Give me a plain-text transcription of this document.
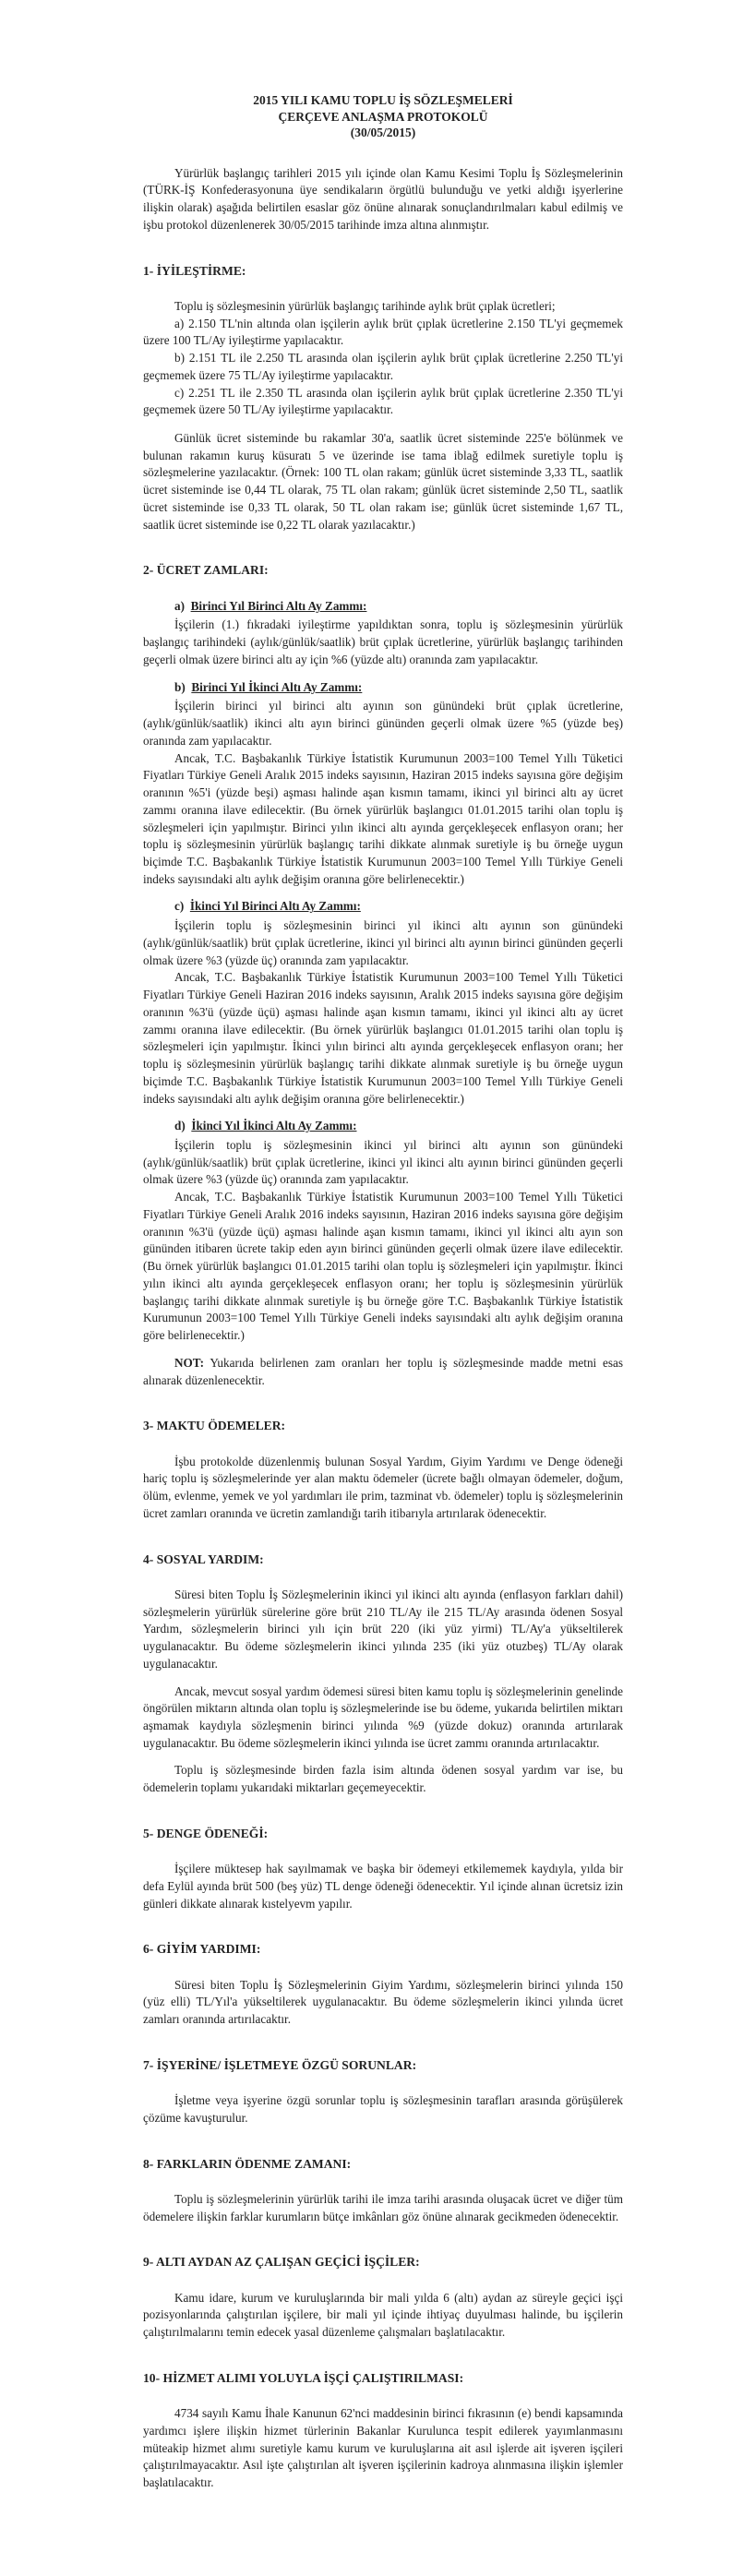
2015 YILI KAMU TOPLU İŞ SÖZLEŞMELERİ
ÇERÇEVE ANLAŞMA PROTOKOLÜ
(30/05/2015)

Yürürlük başlangıç tarihleri 2015 yılı içinde olan Kamu Kesimi Toplu İş Sözleşmelerinin (TÜRK-İŞ Konfederasyonuna üye sendikaların örgütlü bulunduğu ve yetki aldığı işyerlerine ilişkin olarak) aşağıda belirtilen esaslar göz önüne alınarak sonuçlandırılmaları kabul edilmiş ve işbu protokol düzenlenerek 30/05/2015 tarihinde imza altına alınmıştır.

1- İYİLEŞTİRME:

Toplu iş sözleşmesinin yürürlük başlangıç tarihinde aylık brüt çıplak ücretleri;

a) 2.150 TL'nin altında olan işçilerin aylık brüt çıplak ücretlerine 2.150 TL'yi geçmemek üzere 100 TL/Ay iyileştirme yapılacaktır.

b) 2.151 TL ile 2.250 TL arasında olan işçilerin aylık brüt çıplak ücretlerine 2.250 TL'yi geçmemek üzere 75 TL/Ay iyileştirme yapılacaktır.

c) 2.251 TL ile 2.350 TL arasında olan işçilerin aylık brüt çıplak ücretlerine 2.350 TL'yi geçmemek üzere 50 TL/Ay iyileştirme yapılacaktır.

Günlük ücret sisteminde bu rakamlar 30'a, saatlik ücret sisteminde 225'e bölünmek ve bulunan rakamın kuruş küsuratı 5 ve üzerinde ise tama iblağ edilmek suretiyle toplu iş sözleşmelerine yazılacaktır. (Örnek: 100 TL olan rakam; günlük ücret sisteminde 3,33 TL, saatlik ücret sisteminde ise 0,44 TL olarak, 75 TL olan rakam; günlük ücret sisteminde 2,50 TL, saatlik ücret sisteminde ise 0,33 TL olarak, 50 TL olan rakam ise; günlük ücret sisteminde 1,67 TL, saatlik ücret sisteminde ise 0,22 TL olarak yazılacaktır.)

2- ÜCRET ZAMLARI:
a) Birinci Yıl Birinci Altı Ay Zammı:

İşçilerin (1.) fıkradaki iyileştirme yapıldıktan sonra, toplu iş sözleşmesinin yürürlük başlangıç tarihindeki (aylık/günlük/saatlik) brüt çıplak ücretlerine, yürürlük başlangıç tarihinden geçerli olmak üzere birinci altı ay için %6 (yüzde altı) oranında zam yapılacaktır.

b) Birinci Yıl İkinci Altı Ay Zammı:

İşçilerin birinci yıl birinci altı ayının son günündeki brüt çıplak ücretlerine, (aylık/günlük/saatlik) ikinci altı ayın birinci gününden geçerli olmak üzere %5 (yüzde beş) oranında zam yapılacaktır.

Ancak, T.C. Başbakanlık Türkiye İstatistik Kurumunun 2003=100 Temel Yıllı Tüketici Fiyatları Türkiye Geneli Aralık 2015 indeks sayısının, Haziran 2015 indeks sayısına göre değişim oranının %5'i (yüzde beşi) aşması halinde aşan kısmın tamamı, ikinci yıl birinci altı ay ücret zammı oranına ilave edilecektir. (Bu örnek yürürlük başlangıcı 01.01.2015 tarihi olan toplu iş sözleşmeleri için yapılmıştır. Birinci yılın ikinci altı ayında gerçekleşecek enflasyon oranı; her toplu iş sözleşmesinin yürürlük başlangıç tarihi dikkate alınmak suretiyle iş bu örneğe uygun biçimde T.C. Başbakanlık Türkiye İstatistik Kurumunun 2003=100 Temel Yıllı Türkiye Geneli indeks sayısındaki altı aylık değişim oranına göre belirlenecektir.)

c) İkinci Yıl Birinci Altı Ay Zammı:

İşçilerin toplu iş sözleşmesinin birinci yıl ikinci altı ayının son günündeki (aylık/günlük/saatlik) brüt çıplak ücretlerine, ikinci yıl birinci altı ayının birinci gününden geçerli olmak üzere %3 (yüzde üç) oranında zam yapılacaktır.

Ancak, T.C. Başbakanlık Türkiye İstatistik Kurumunun 2003=100 Temel Yıllı Tüketici Fiyatları Türkiye Geneli Haziran 2016 indeks sayısının, Aralık 2015 indeks sayısına göre değişim oranının %3'ü (yüzde üçü) aşması halinde aşan kısmın tamamı, ikinci yıl ikinci altı ay ücret zammı oranına ilave edilecektir. (Bu örnek yürürlük başlangıcı 01.01.2015 tarihi olan toplu iş sözleşmeleri için yapılmıştır. İkinci yılın birinci altı ayında gerçekleşecek enflasyon oranı; her toplu iş sözleşmesinin yürürlük başlangıç tarihi dikkate alınmak suretiyle iş bu örneğe uygun biçimde T.C. Başbakanlık Türkiye İstatistik Kurumunun 2003=100 Temel Yıllı Türkiye Geneli indeks sayısındaki altı aylık değişim oranına göre belirlenecektir.)

d) İkinci Yıl İkinci Altı Ay Zammı:

İşçilerin toplu iş sözleşmesinin ikinci yıl birinci altı ayının son günündeki (aylık/günlük/saatlik) brüt çıplak ücretlerine, ikinci yıl ikinci altı ayının birinci gününden geçerli olmak üzere %3 (yüzde üç) oranında zam yapılacaktır.

Ancak, T.C. Başbakanlık Türkiye İstatistik Kurumunun 2003=100 Temel Yıllı Tüketici Fiyatları Türkiye Geneli Aralık 2016 indeks sayısının, Haziran 2016 indeks sayısına göre değişim oranının %3'ü (yüzde üçü) aşması halinde aşan kısmın tamamı, ikinci yıl ikinci altı ayın son gününden itibaren ücrete takip eden ayın birinci gününden geçerli olmak üzere ilave edilecektir. (Bu örnek yürürlük başlangıcı 01.01.2015 tarihi olan toplu iş sözleşmeleri için yapılmıştır. İkinci yılın ikinci altı ayında gerçekleşecek enflasyon oranı; her toplu iş sözleşmesinin yürürlük başlangıç tarihi dikkate alınmak suretiyle iş bu örneğe göre T.C. Başbakanlık Türkiye İstatistik Kurumunun 2003=100 Temel Yıllı Türkiye Geneli indeks sayısındaki altı aylık değişim oranına göre belirlenecektir.)

NOT: Yukarıda belirlenen zam oranları her toplu iş sözleşmesinde madde metni esas alınarak düzenlenecektir.

3- MAKTU ÖDEMELER:

İşbu protokolde düzenlenmiş bulunan Sosyal Yardım, Giyim Yardımı ve Denge ödeneği hariç toplu iş sözleşmelerinde yer alan maktu ödemeler (ücrete bağlı olmayan ödemeler, doğum, ölüm, evlenme, yemek ve yol yardımları ile prim, tazminat vb. ödemeler) toplu iş sözleşmelerinin ücret zamları oranında ve ücretin zamlandığı tarih itibarıyla artırılarak ödenecektir.

4- SOSYAL YARDIM:

Süresi biten Toplu İş Sözleşmelerinin ikinci yıl ikinci altı ayında (enflasyon farkları dahil) sözleşmelerin yürürlük sürelerine göre brüt 210 TL/Ay ile 215 TL/Ay arasında ödenen Sosyal Yardım, sözleşmelerin birinci yılı için brüt 220 (iki yüz yirmi) TL/Ay'a yükseltilerek uygulanacaktır. Bu ödeme sözleşmelerin ikinci yılında 235 (iki yüz otuzbeş) TL/Ay olarak uygulanacaktır.

Ancak, mevcut sosyal yardım ödemesi süresi biten kamu toplu iş sözleşmelerinin genelinde öngörülen miktarın altında olan toplu iş sözleşmelerinde ise bu ödeme, yukarıda belirtilen miktarı aşmamak kaydıyla sözleşmenin birinci yılında %9 (yüzde dokuz) oranında artırılarak uygulanacaktır. Bu ödeme sözleşmelerin ikinci yılında ise ücret zammı oranında artırılacaktır.

Toplu iş sözleşmesinde birden fazla isim altında ödenen sosyal yardım var ise, bu ödemelerin toplamı yukarıdaki miktarları geçemeyecektir.

5- DENGE ÖDENEĞİ:

İşçilere müktesep hak sayılmamak ve başka bir ödemeyi etkilememek kaydıyla, yılda bir defa Eylül ayında brüt 500 (beş yüz) TL denge ödeneği ödenecektir. Yıl içinde alınan ücretsiz izin günleri dikkate alınarak kıstelyevm yapılır.

6- GİYİM YARDIMI:

Süresi biten Toplu İş Sözleşmelerinin Giyim Yardımı, sözleşmelerin birinci yılında 150 (yüz elli) TL/Yıl'a yükseltilerek uygulanacaktır. Bu ödeme sözleşmelerin ikinci yılında ücret zamları oranında artırılacaktır.

7- İŞYERİNE/ İŞLETMEYE ÖZGÜ SORUNLAR:

İşletme veya işyerine özgü sorunlar toplu iş sözleşmesinin tarafları arasında görüşülerek çözüme kavuşturulur.

8- FARKLARIN ÖDENME ZAMANI:

Toplu iş sözleşmelerinin yürürlük tarihi ile imza tarihi arasında oluşacak ücret ve diğer tüm ödemelere ilişkin farklar kurumların bütçe imkânları göz önüne alınarak gecikmeden ödenecektir.

9- ALTI AYDAN AZ ÇALIŞAN GEÇİCİ İŞÇİLER:

Kamu idare, kurum ve kuruluşlarında bir mali yılda 6 (altı) aydan az süreyle geçici işçi pozisyonlarında çalıştırılan işçilere, bir mali yıl içinde ihtiyaç duyulması halinde, bu işçilerin çalıştırılmalarını temin edecek yasal düzenleme çalışmaları başlatılacaktır.

10- HİZMET ALIMI YOLUYLA İŞÇİ ÇALIŞTIRILMASI:

4734 sayılı Kamu İhale Kanunun 62'nci maddesinin birinci fıkrasının (e) bendi kapsamında yardımcı işlere ilişkin hizmet türlerinin Bakanlar Kurulunca tespit edilerek yayımlanmasını müteakip hizmet alımı suretiyle kamu kurum ve kuruluşlarına ait asıl işlerde ait işveren işçileri çalıştırılmayacaktır. Asıl işte çalıştırılan alt işveren işçilerinin kadroya alınmasına ilişkin işlemler başlatılacaktır.
